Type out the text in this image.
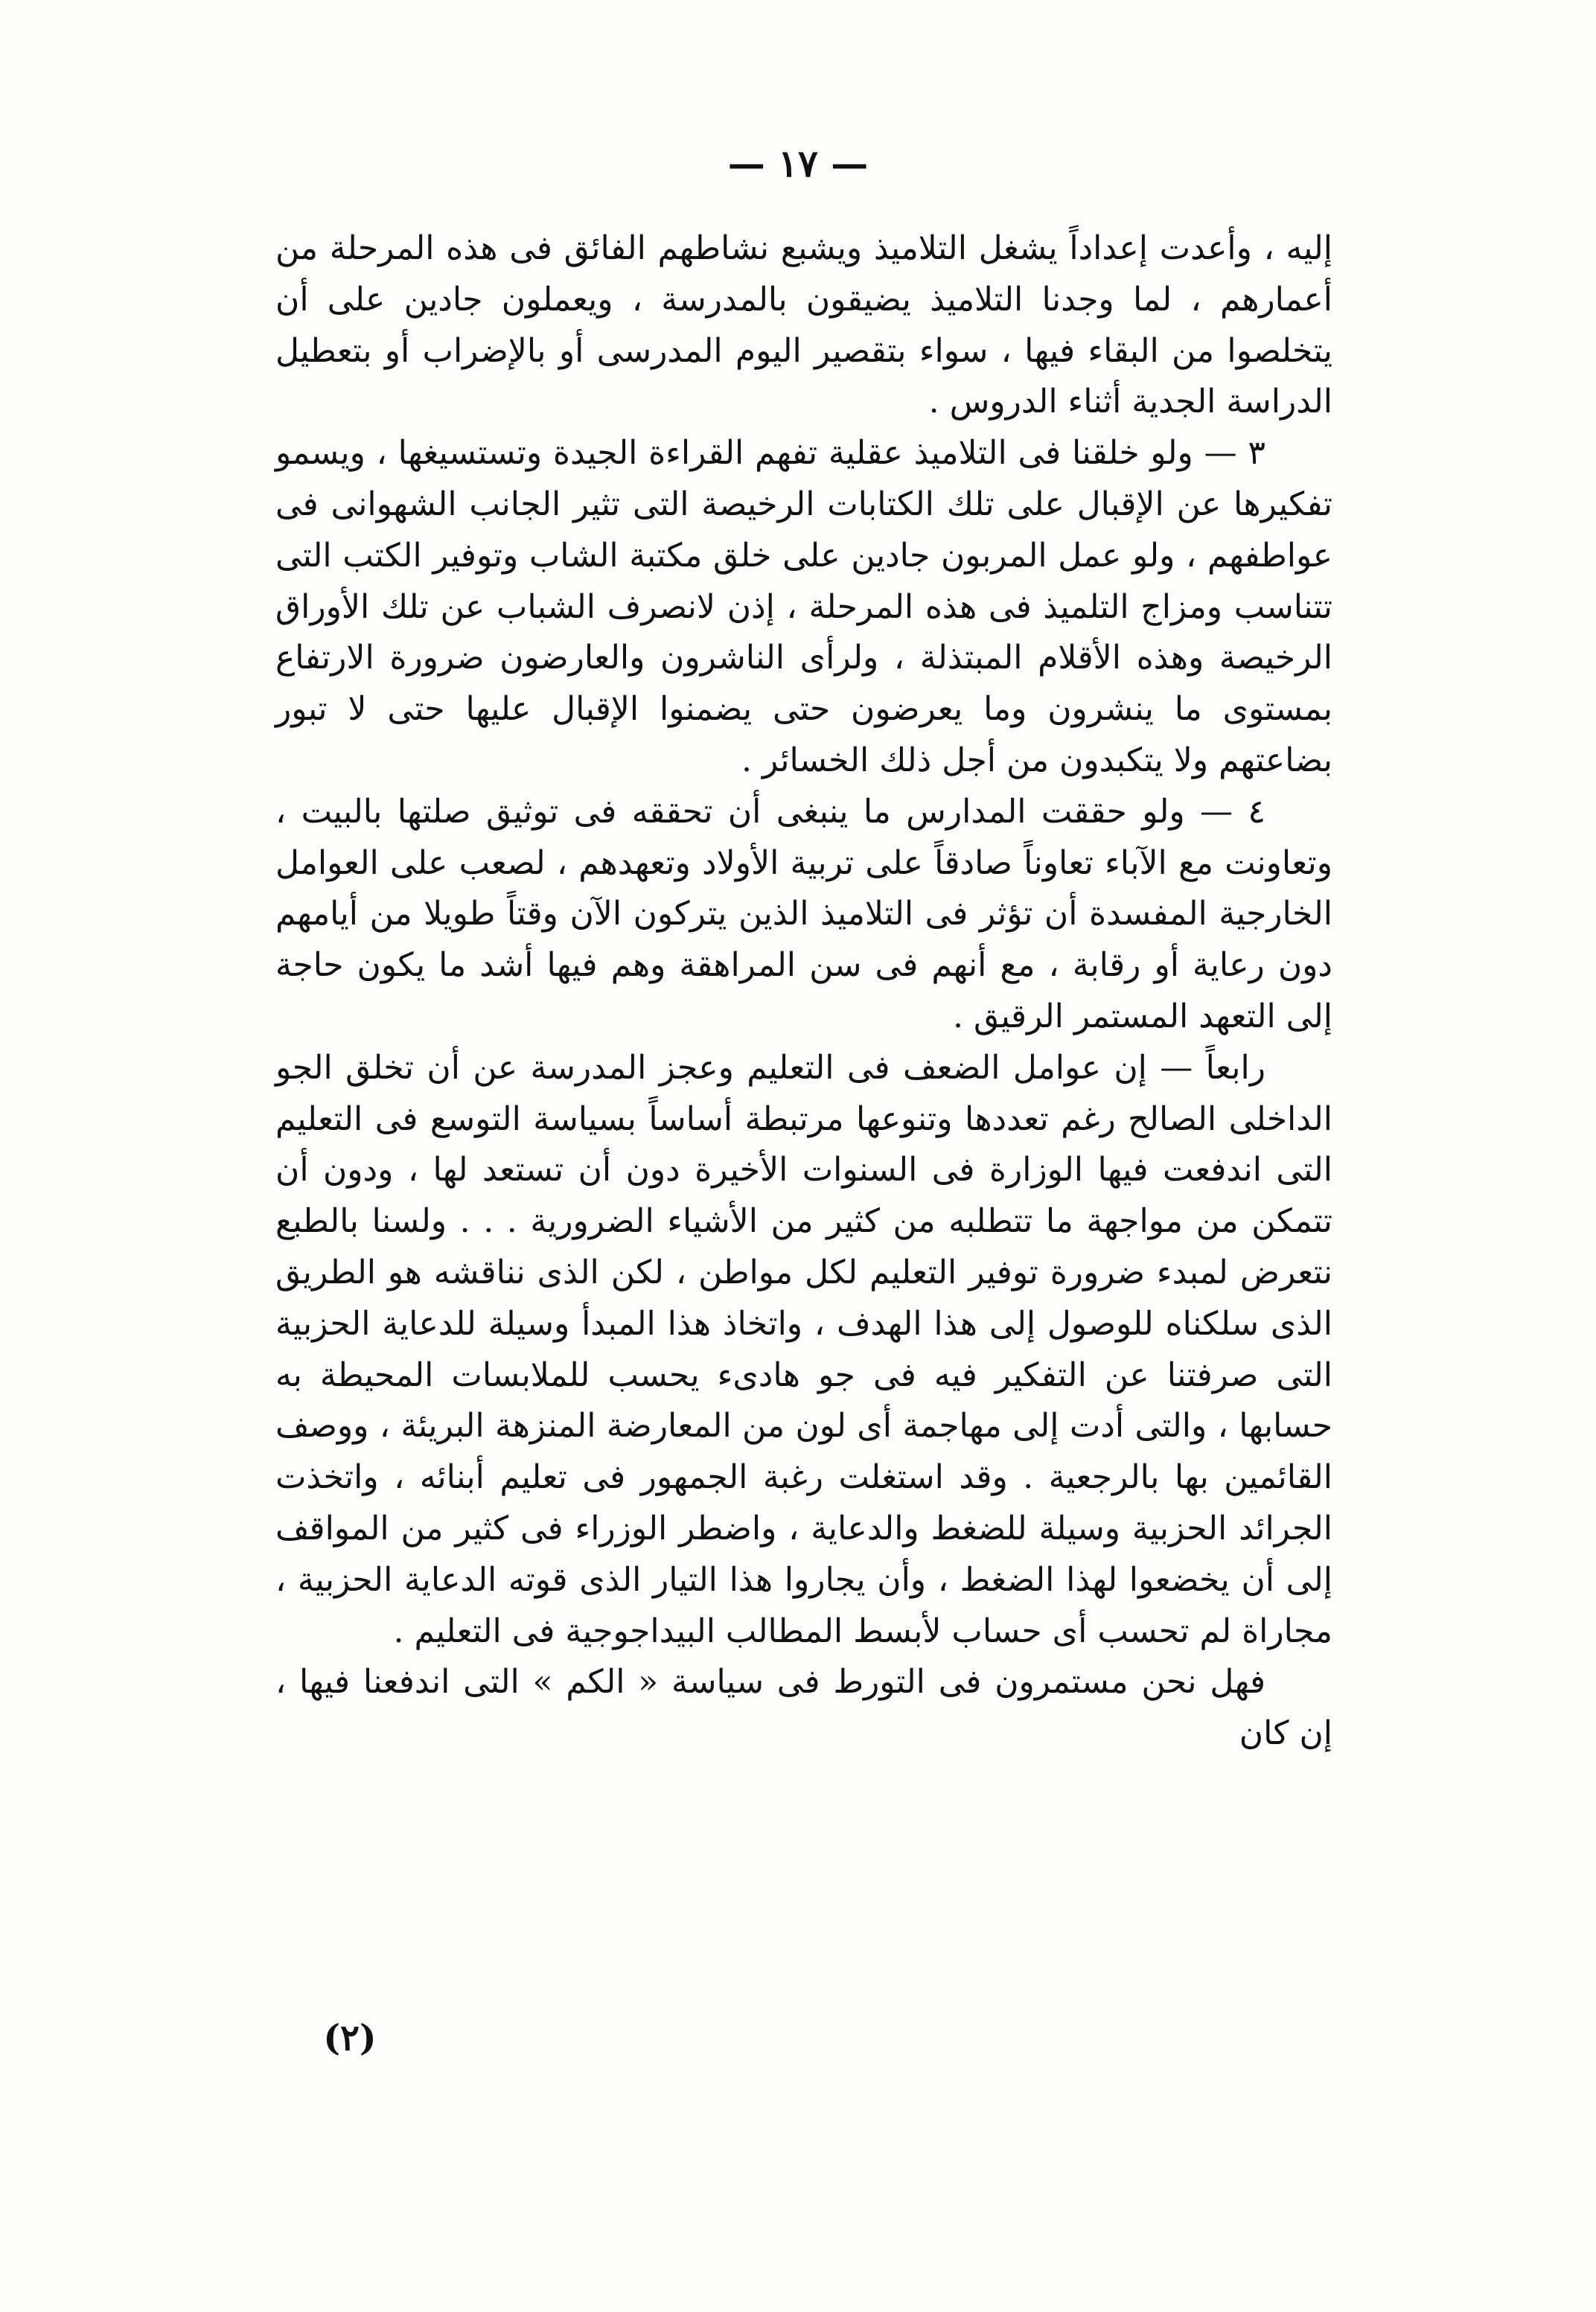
— ١٧ —

إليه ، وأعدت إعداداً يشغل التلاميذ ويشبع نشاطهم الفائق فى هذه المرحلة من أعمارهم ، لما وجدنا التلاميذ يضيقون بالمدرسة ، ويعملون جادين على أن يتخلصوا من البقاء فيها ، سواء بتقصير اليوم المدرسى أو بالإضراب أو بتعطيل الدراسة الجدية أثناء الدروس .

٣ — ولو خلقنا فى التلاميذ عقلية تفهم القراءة الجيدة وتستسيغها ، ويسمو تفكيرها عن الإقبال على تلك الكتابات الرخيصة التى تثير الجانب الشهوانى فى عواطفهم ، ولو عمل المربون جادين على خلق مكتبة الشاب وتوفير الكتب التى تتناسب ومزاج التلميذ فى هذه المرحلة ، إذن لانصرف الشباب عن تلك الأوراق الرخيصة وهذه الأقلام المبتذلة ، ولرأى الناشرون والعارضون ضرورة الارتفاع بمستوى ما ينشرون وما يعرضون حتى يضمنوا الإقبال عليها حتى لا تبور بضاعتهم ولا يتكبدون من أجل ذلك الخسائر .

٤ — ولو حققت المدارس ما ينبغى أن تحققه فى توثيق صلتها بالبيت ، وتعاونت مع الآباء تعاوناً صادقاً على تربية الأولاد وتعهدهم ، لصعب على العوامل الخارجية المفسدة أن تؤثر فى التلاميذ الذين يتركون الآن وقتاً طويلا من أيامهم دون رعاية أو رقابة ، مع أنهم فى سن المراهقة وهم فيها أشد ما يكون حاجة إلى التعهد المستمر الرقيق .

رابعاً — إن عوامل الضعف فى التعليم وعجز المدرسة عن أن تخلق الجو الداخلى الصالح رغم تعددها وتنوعها مرتبطة أساساً بسياسة التوسع فى التعليم التى اندفعت فيها الوزارة فى السنوات الأخيرة دون أن تستعد لها ، ودون أن تتمكن من مواجهة ما تتطلبه من كثير من الأشياء الضرورية . . . ولسنا بالطبع نتعرض لمبدء ضرورة توفير التعليم لكل مواطن ، لكن الذى نناقشه هو الطريق الذى سلكناه للوصول إلى هذا الهدف ، واتخاذ هذا المبدأ وسيلة للدعاية الحزبية التى صرفتنا عن التفكير فيه فى جو هادىء يحسب للملابسات المحيطة به حسابها ، والتى أدت إلى مهاجمة أى لون من المعارضة المنزهة البريئة ، ووصف القائمين بها بالرجعية . وقد استغلت رغبة الجمهور فى تعليم أبنائه ، واتخذت الجرائد الحزبية وسيلة للضغط والدعاية ، واضطر الوزراء فى كثير من المواقف إلى أن يخضعوا لهذا الضغط ، وأن يجاروا هذا التيار الذى قوته الدعاية الحزبية ، مجاراة لم تحسب أى حساب لأبسط المطالب البيداجوجية فى التعليم .

فهل نحن مستمرون فى التورط فى سياسة « الكم » التى اندفعنا فيها ، إن كان

(٢)
